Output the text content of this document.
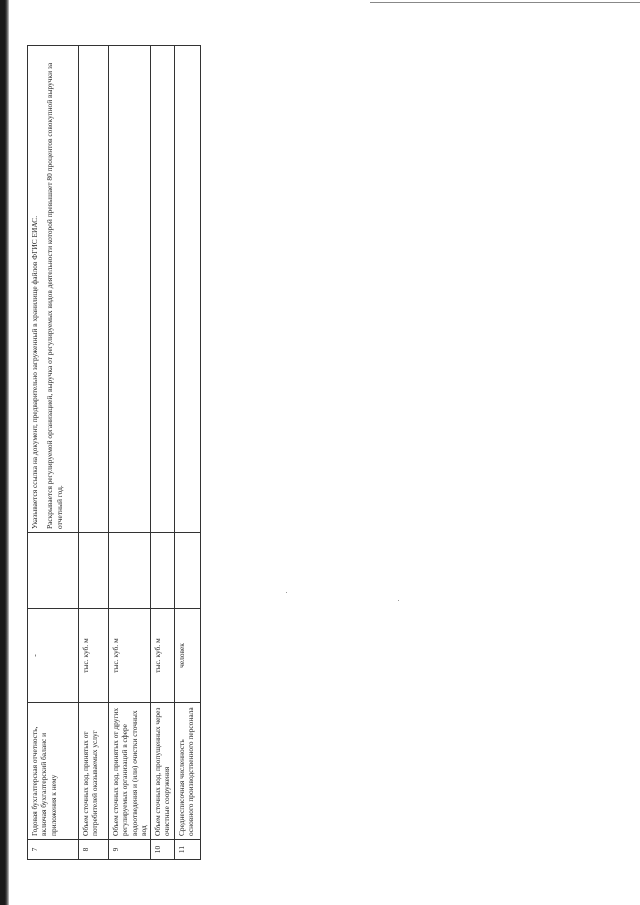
7	Годовая бухгалтерская отчетность, включая бухгалтерский баланс и приложения к нему	-		Указывается ссылка на документ, предварительно загруженный в хранилище файлов ФГИС ЕИАС. Раскрывается регулируемой организацией, выручка от регулируемых видов деятельности которой превышает 80 процентов совокупной выручки за отчетный год.

8	Объем сточных вод, принятых от потребителей оказываемых услуг	тыс. куб. м		
9	Объем сточных вод, принятых от других регулируемых организаций в сфере водоотведения и (или) очистки сточных вод	тыс. куб. м		
10	Объем сточных вод, пропущенных через очистные сооружения	тыс. куб. м		
11	Среднесписочная численность основного производственного персонала	человек		
